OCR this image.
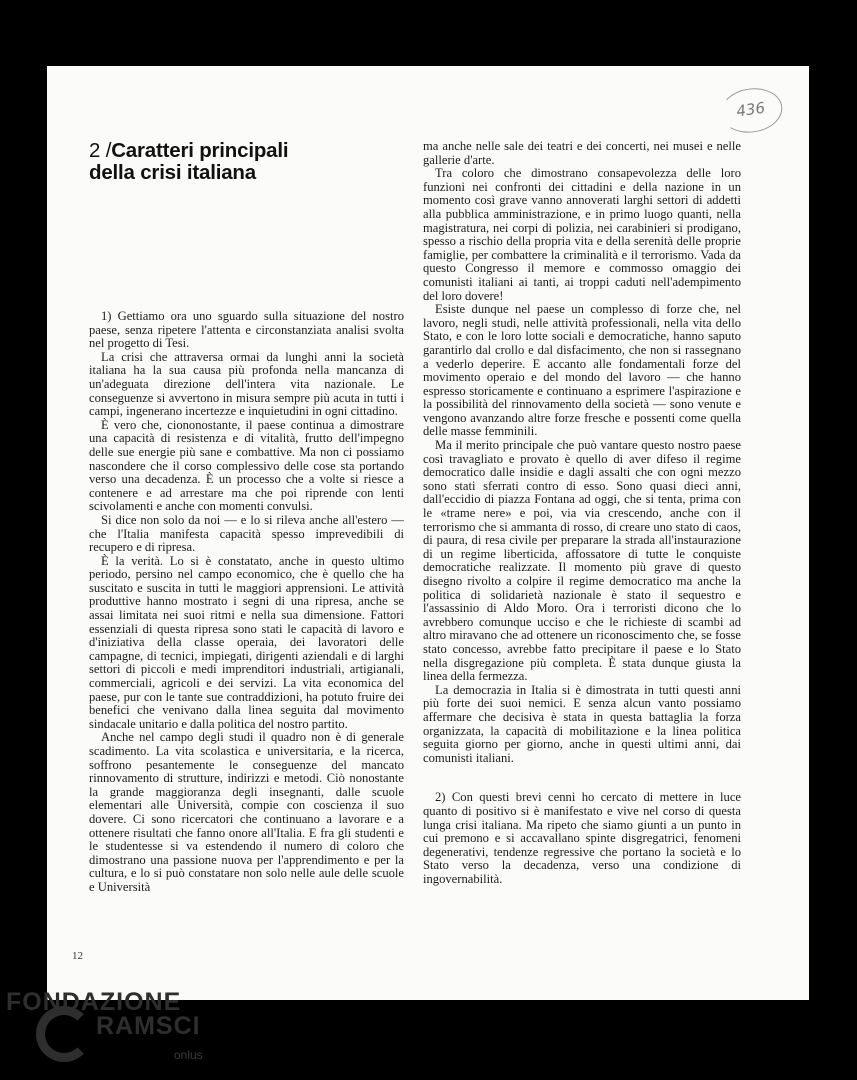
436
2 /Caratteri principali
della crisi italiana

1) Gettiamo ora uno sguardo sulla situazione del nostro paese, senza ripetere l'attenta e circonstanziata analisi svolta nel progetto di Tesi.

La crisi che attraversa ormai da lunghi anni la società italiana ha la sua causa più profonda nella mancanza di un'adeguata direzione dell'intera vita nazionale. Le conseguenze si avvertono in misura sempre più acuta in tutti i campi, ingenerano incertezze e inquietudini in ogni cittadino.

È vero che, ciononostante, il paese continua a dimostrare una capacità di resistenza e di vitalità, frutto dell'impegno delle sue energie più sane e combattive. Ma non ci possiamo nascondere che il corso complessivo delle cose sta portando verso una decadenza. È un processo che a volte si riesce a contenere e ad arrestare ma che poi riprende con lenti scivolamenti e anche con momenti convulsi.

Si dice non solo da noi — e lo si rileva anche all'estero — che l'Italia manifesta capacità spesso imprevedibili di recupero e di ripresa.

È la verità. Lo si è constatato, anche in questo ultimo periodo, persino nel campo economico, che è quello che ha suscitato e suscita in tutti le maggiori apprensioni. Le attività produttive hanno mostrato i segni di una ripresa, anche se assai limitata nei suoi ritmi e nella sua dimensione. Fattori essenziali di questa ripresa sono stati le capacità di lavoro e d'iniziativa della classe operaia, dei lavoratori delle campagne, di tecnici, impiegati, dirigenti aziendali e di larghi settori di piccoli e medi imprenditori industriali, artigianali, commerciali, agricoli e dei servizi. La vita economica del paese, pur con le tante sue contraddizioni, ha potuto fruire dei benefici che venivano dalla linea seguita dal movimento sindacale unitario e dalla politica del nostro partito.

Anche nel campo degli studi il quadro non è di generale scadimento. La vita scolastica e universitaria, e la ricerca, soffrono pesantemente le conseguenze del mancato rinnovamento di strutture, indirizzi e metodi. Ciò nonostante la grande maggioranza degli insegnanti, dalle scuole elementari alle Università, compie con coscienza il suo dovere. Ci sono ricercatori che continuano a lavorare e a ottenere risultati che fanno onore all'Italia. E fra gli studenti e le studentesse si va estendendo il numero di coloro che dimostrano una passione nuova per l'apprendimento e per la cultura, e lo si può constatare non solo nelle aule delle scuole e Università

ma anche nelle sale dei teatri e dei concerti, nei musei e nelle gallerie d'arte.

Tra coloro che dimostrano consapevolezza delle loro funzioni nei confronti dei cittadini e della nazione in un momento così grave vanno annoverati larghi settori di addetti alla pubblica amministrazione, e in primo luogo quanti, nella magistratura, nei corpi di polizia, nei carabinieri si prodigano, spesso a rischio della propria vita e della serenità delle proprie famiglie, per combattere la criminalità e il terrorismo. Vada da questo Congresso il memore e commosso omaggio dei comunisti italiani ai tanti, ai troppi caduti nell'adempimento del loro dovere!

Esiste dunque nel paese un complesso di forze che, nel lavoro, negli studi, nelle attività professionali, nella vita dello Stato, e con le loro lotte sociali e democratiche, hanno saputo garantirlo dal crollo e dal disfacimento, che non si rassegnano a vederlo deperire. E accanto alle fondamentali forze del movimento operaio e del mondo del lavoro — che hanno espresso storicamente e continuano a esprimere l'aspirazione e la possibilità del rinnovamento della società — sono venute e vengono avanzando altre forze fresche e possenti come quella delle masse femminili.

Ma il merito principale che può vantare questo nostro paese così travagliato e provato è quello di aver difeso il regime democratico dalle insidie e dagli assalti che con ogni mezzo sono stati sferrati contro di esso. Sono quasi dieci anni, dall'eccidio di piazza Fontana ad oggi, che si tenta, prima con le «trame nere» e poi, via via crescendo, anche con il terrorismo che si ammanta di rosso, di creare uno stato di caos, di paura, di resa civile per preparare la strada all'instaurazione di un regime liberticida, affossatore di tutte le conquiste democratiche realizzate. Il momento più grave di questo disegno rivolto a colpire il regime democratico ma anche la politica di solidarietà nazionale è stato il sequestro e l'assassinio di Aldo Moro. Ora i terroristi dicono che lo avrebbero comunque ucciso e che le richieste di scambi ad altro miravano che ad ottenere un riconoscimento che, se fosse stato concesso, avrebbe fatto precipitare il paese e lo Stato nella disgregazione più completa. È stata dunque giusta la linea della fermezza.

La democrazia in Italia si è dimostrata in tutti questi anni più forte dei suoi nemici. E senza alcun vanto possiamo affermare che decisiva è stata in questa battaglia la forza organizzata, la capacità di mobilitazione e la linea politica seguita giorno per giorno, anche in questi ultimi anni, dai comunisti italiani.

2) Con questi brevi cenni ho cercato di mettere in luce quanto di positivo si è manifestato e vive nel corso di questa lunga crisi italiana. Ma ripeto che siamo giunti a un punto in cui premono e si accavallano spinte disgregatrici, fenomeni degenerativi, tendenze regressive che portano la società e lo Stato verso la decadenza, verso una condizione di ingovernabilità.

12
FONDAZIONE
RAMSCI
onlus
